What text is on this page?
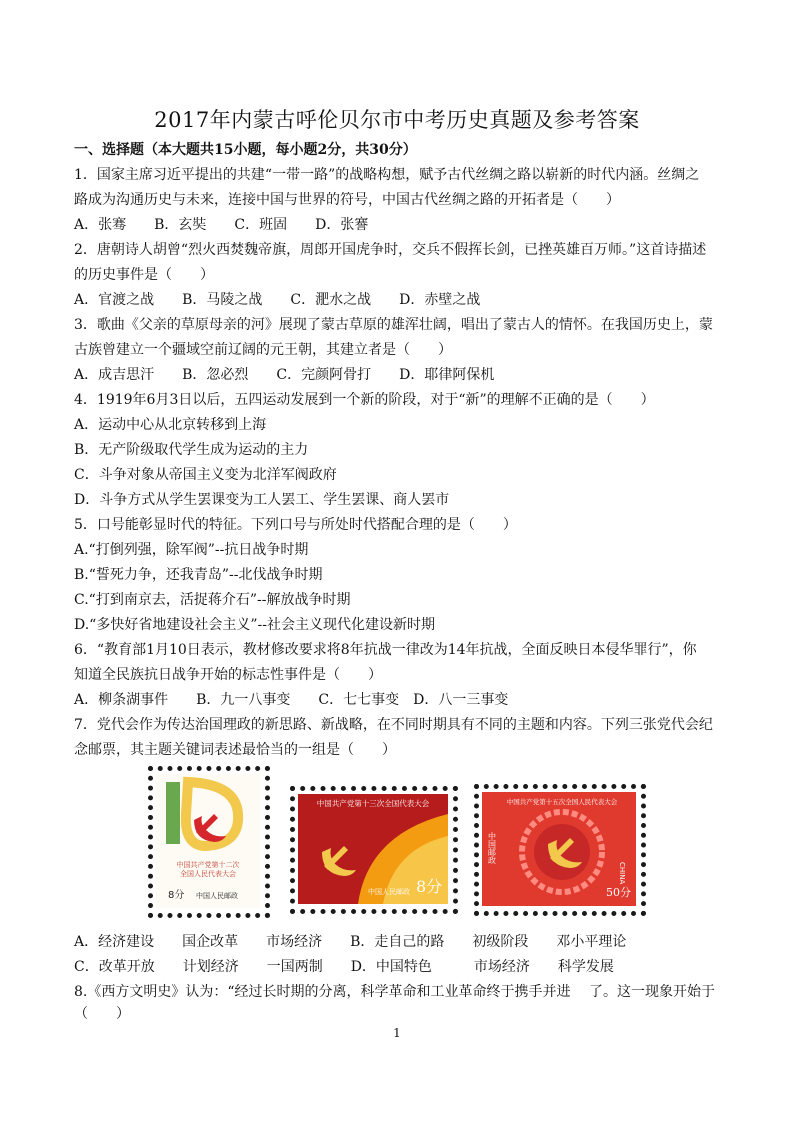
2017年内蒙古呼伦贝尔市中考历史真题及参考答案
一、选择题（本大题共15小题，每小题2分，共30分）
1．国家主席习近平提出的共建“一带一路”的战略构想，赋予古代丝绸之路以崭新的时代内涵。丝绸之
路成为沟通历史与未来，连接中国与世界的符号，中国古代丝绸之路的开拓者是（　　）
A．张骞　　B．玄奘　　C．班固　　D．张謇
2．唐朝诗人胡曾“烈火西焚魏帝旗，周郎开国虎争时，交兵不假挥长剑，已挫英雄百万师。”这首诗描述
的历史事件是（　　）
A．官渡之战　　B．马陵之战　　C．淝水之战　　D．赤壁之战
3．歌曲《父亲的草原母亲的河》展现了蒙古草原的雄浑壮阔，唱出了蒙古人的情怀。在我国历史上，蒙
古族曾建立一个疆域空前辽阔的元王朝，其建立者是（　　）
A．成吉思汗　　B．忽必烈　　C．完颜阿骨打　　D．耶律阿保机
4．1919年6月3日以后，五四运动发展到一个新的阶段，对于“新”的理解不正确的是（　　）
A．运动中心从北京转移到上海
B．无产阶级取代学生成为运动的主力
C．斗争对象从帝国主义变为北洋军阀政府
D．斗争方式从学生罢课变为工人罢工、学生罢课、商人罢市
5．口号能彰显时代的特征。下列口号与所处时代搭配合理的是（　　）
A.“打倒列强，除军阀”--抗日战争时期
B.“誓死力争，还我青岛”--北伐战争时期
C.“打到南京去，活捉蒋介石”--解放战争时期
D.“多快好省地建设社会主义”--社会主义现代化建设新时期
6．“教育部1月10日表示，教材修改要求将8年抗战一律改为14年抗战，全面反映日本侵华罪行”，你
知道全民族抗日战争开始的标志性事件是（　　）
A．柳条湖事件　　B．九一八事变　　C．七七事变　D．八一三事变
7．党代会作为传达治国理政的新思路、新战略，在不同时期具有不同的主题和内容。下列三张党代会纪
念邮票，其主题关键词表述最恰当的一组是（　　）
中国共产党第十二次
全国人民代表大会
8分 中国人民邮政
中国共产党第十三次全国代表大会
8分
中国人民邮政
中国共产党第十五次全国人民代表大会
中国邮政
CHINA
50分
A．经济建设　　国企改革　　市场经济　　B．走自己的路　　初级阶段　　邓小平理论
C．改革开放　　计划经济　　一国两制　　D．中国特色　　　市场经济　　科学发展
8.《西方文明史》认为：“经过长时期的分离，科学革命和工业革命终于携手并进　 了。这一现象开始于
（　　）
1
